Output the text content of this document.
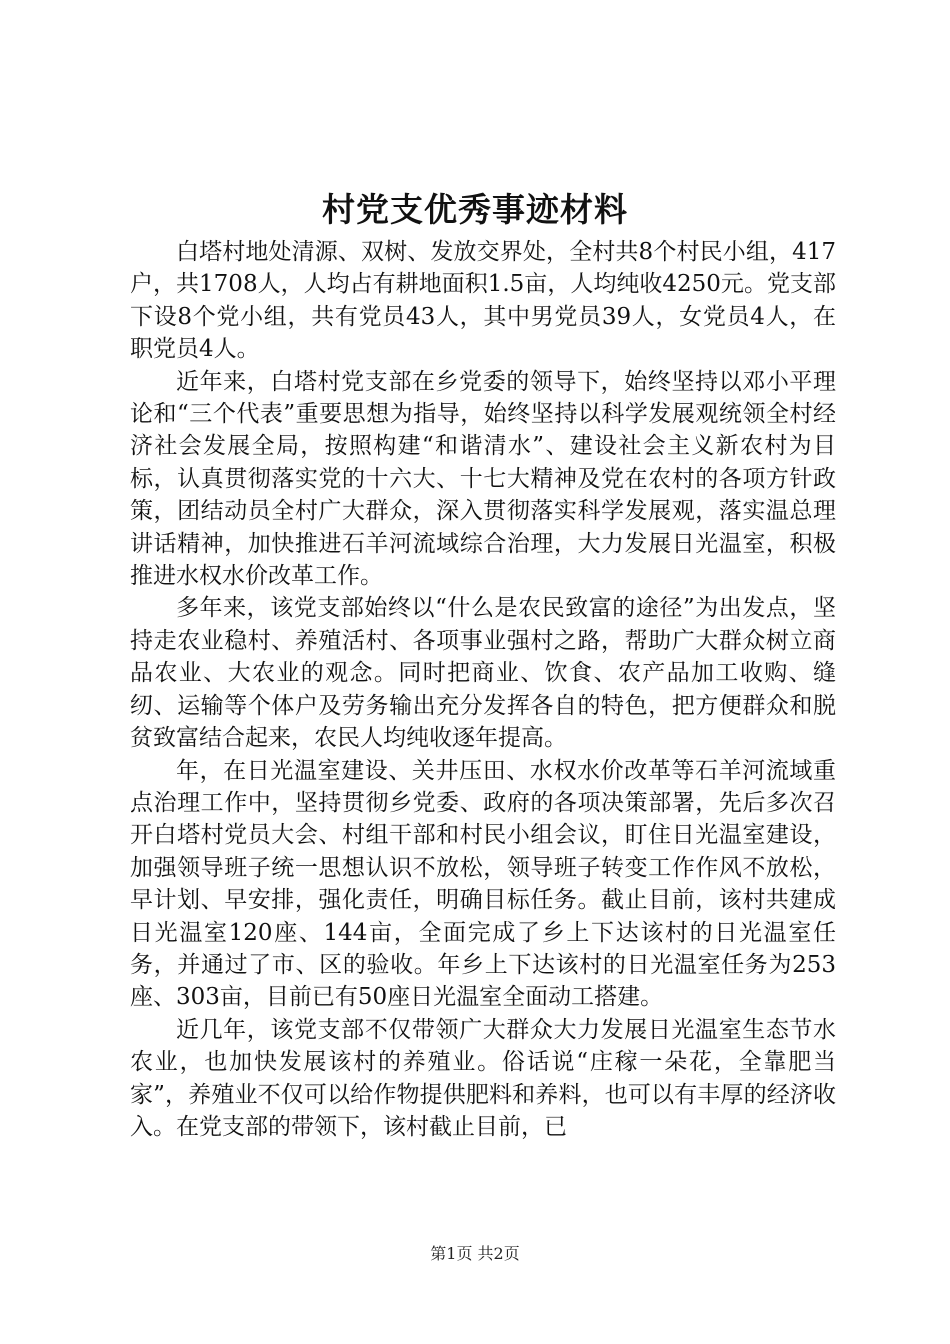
村党支优秀事迹材料

白塔村地处清源、双树、发放交界处，全村共8个村民小组，417户，共1708人，人均占有耕地面积1.5亩，人均纯收4250元。党支部下设8个党小组，共有党员43人，其中男党员39人，女党员4人，在职党员4人。

近年来，白塔村党支部在乡党委的领导下，始终坚持以邓小平理论和“三个代表”重要思想为指导，始终坚持以科学发展观统领全村经济社会发展全局，按照构建“和谐清水”、建设社会主义新农村为目标，认真贯彻落实党的十六大、十七大精神及党在农村的各项方针政策，团结动员全村广大群众，深入贯彻落实科学发展观，落实温总理讲话精神，加快推进石羊河流域综合治理，大力发展日光温室，积极推进水权水价改革工作。

多年来，该党支部始终以“什么是农民致富的途径”为出发点，坚持走农业稳村、养殖活村、各项事业强村之路，帮助广大群众树立商品农业、大农业的观念。同时把商业、饮食、农产品加工收购、缝纫、运输等个体户及劳务输出充分发挥各自的特色，把方便群众和脱贫致富结合起来，农民人均纯收逐年提高。

年，在日光温室建设、关井压田、水权水价改革等石羊河流域重点治理工作中，坚持贯彻乡党委、政府的各项决策部署，先后多次召开白塔村党员大会、村组干部和村民小组会议，盯住日光温室建设，加强领导班子统一思想认识不放松，领导班子转变工作作风不放松，早计划、早安排，强化责任，明确目标任务。截止目前，该村共建成日光温室120座、144亩，全面完成了乡上下达该村的日光温室任务，并通过了市、区的验收。年乡上下达该村的日光温室任务为253座、303亩，目前已有50座日光温室全面动工搭建。

近几年，该党支部不仅带领广大群众大力发展日光温室生态节水农业，也加快发展该村的养殖业。俗话说“庄稼一朵花，全靠肥当家”，养殖业不仅可以给作物提供肥料和养料，也可以有丰厚的经济收入。在党支部的带领下，该村截止目前，已

第1页 共2页
